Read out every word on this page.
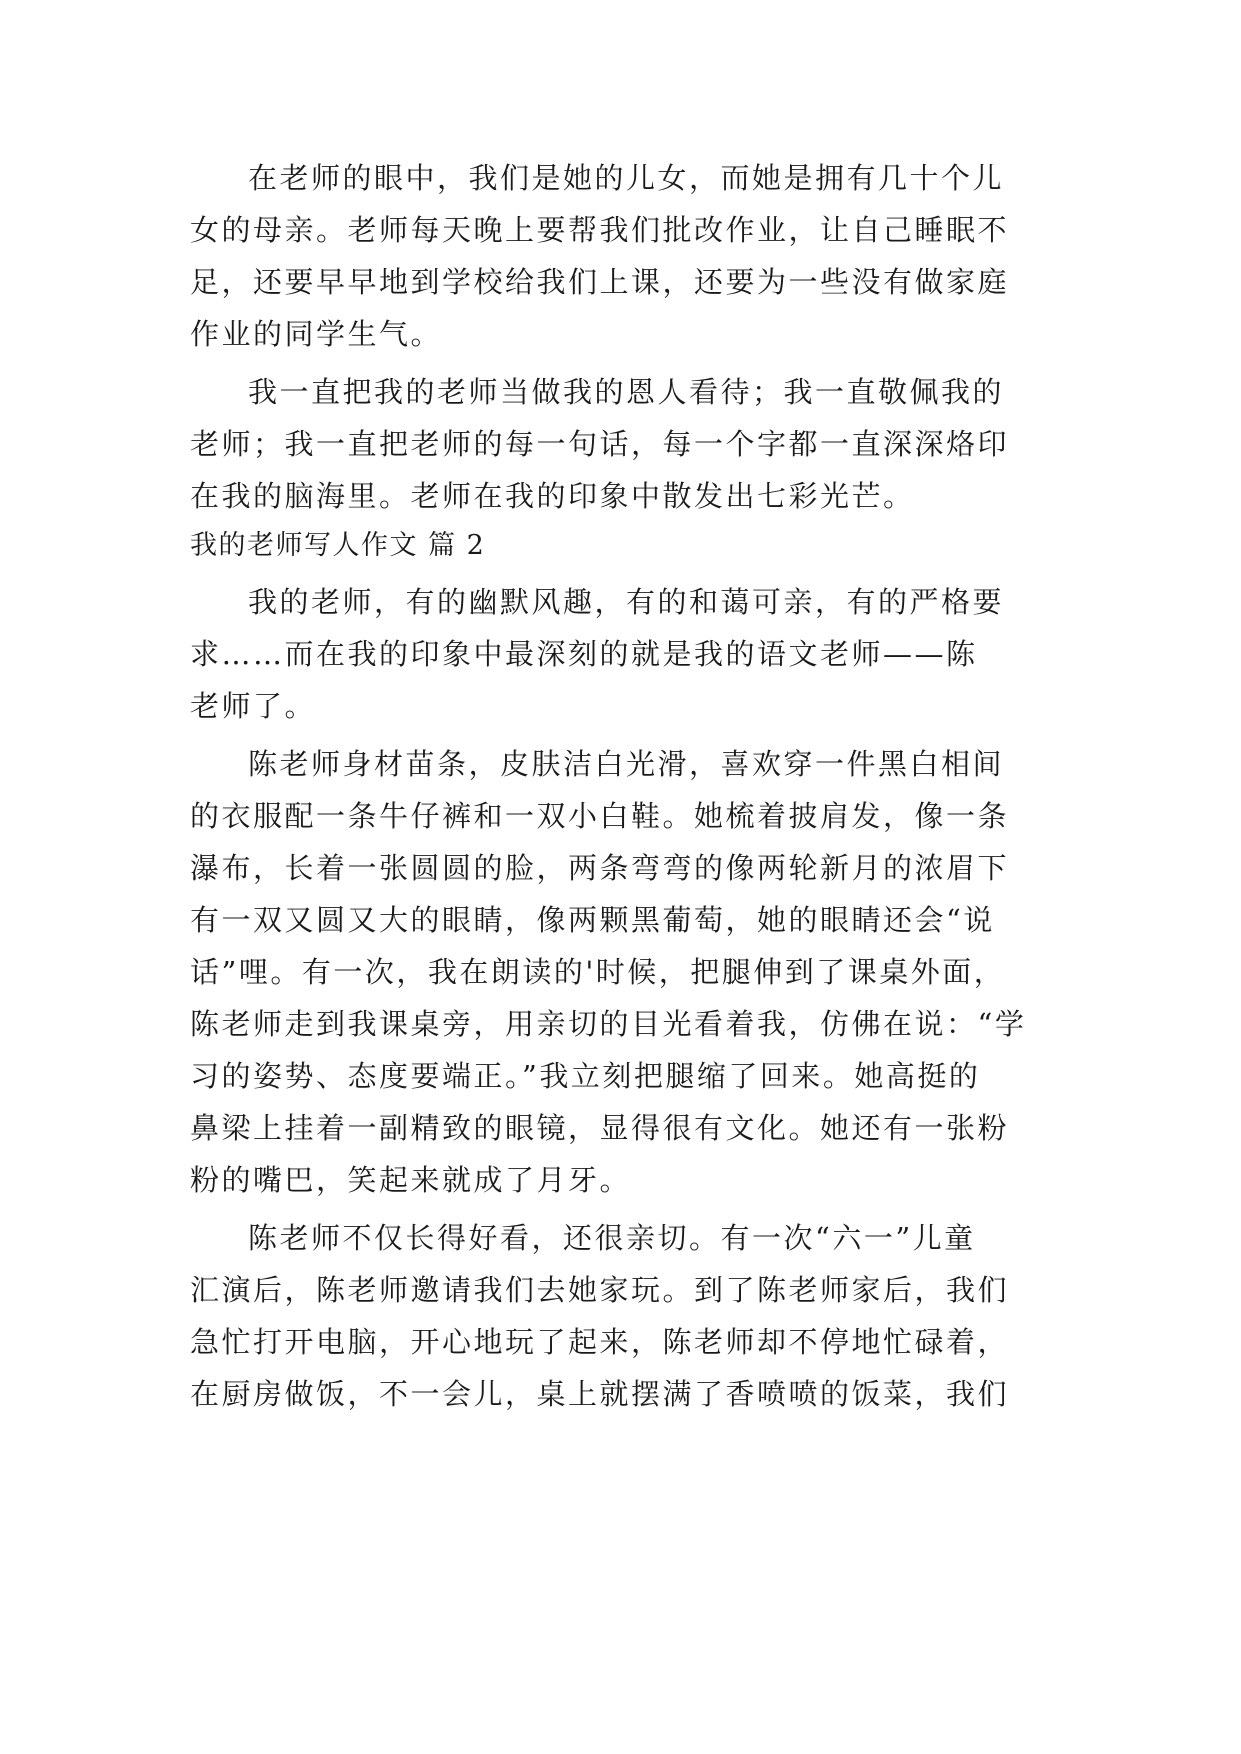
在老师的眼中，我们是她的儿女，而她是拥有几十个儿
女的母亲。老师每天晚上要帮我们批改作业，让自己睡眠不
足，还要早早地到学校给我们上课，还要为一些没有做家庭
作业的同学生气。
我一直把我的老师当做我的恩人看待；我一直敬佩我的
老师；我一直把老师的每一句话，每一个字都一直深深烙印
在我的脑海里。老师在我的印象中散发出七彩光芒。
我的老师写人作文 篇 2
我的老师，有的幽默风趣，有的和蔼可亲，有的严格要
求……而在我的印象中最深刻的就是我的语文老师——陈
老师了。
陈老师身材苗条，皮肤洁白光滑，喜欢穿一件黑白相间
的衣服配一条牛仔裤和一双小白鞋。她梳着披肩发，像一条
瀑布，长着一张圆圆的脸，两条弯弯的像两轮新月的浓眉下
有一双又圆又大的眼睛，像两颗黑葡萄，她的眼睛还会“说
话”哩。有一次，我在朗读的'时候，把腿伸到了课桌外面，
陈老师走到我课桌旁，用亲切的目光看着我，仿佛在说：“学
习的姿势、态度要端正。”我立刻把腿缩了回来。她高挺的
鼻梁上挂着一副精致的眼镜，显得很有文化。她还有一张粉
粉的嘴巴，笑起来就成了月牙。
陈老师不仅长得好看，还很亲切。有一次“六一”儿童
汇演后，陈老师邀请我们去她家玩。到了陈老师家后，我们
急忙打开电脑，开心地玩了起来，陈老师却不停地忙碌着，
在厨房做饭，不一会儿，桌上就摆满了香喷喷的饭菜，我们
